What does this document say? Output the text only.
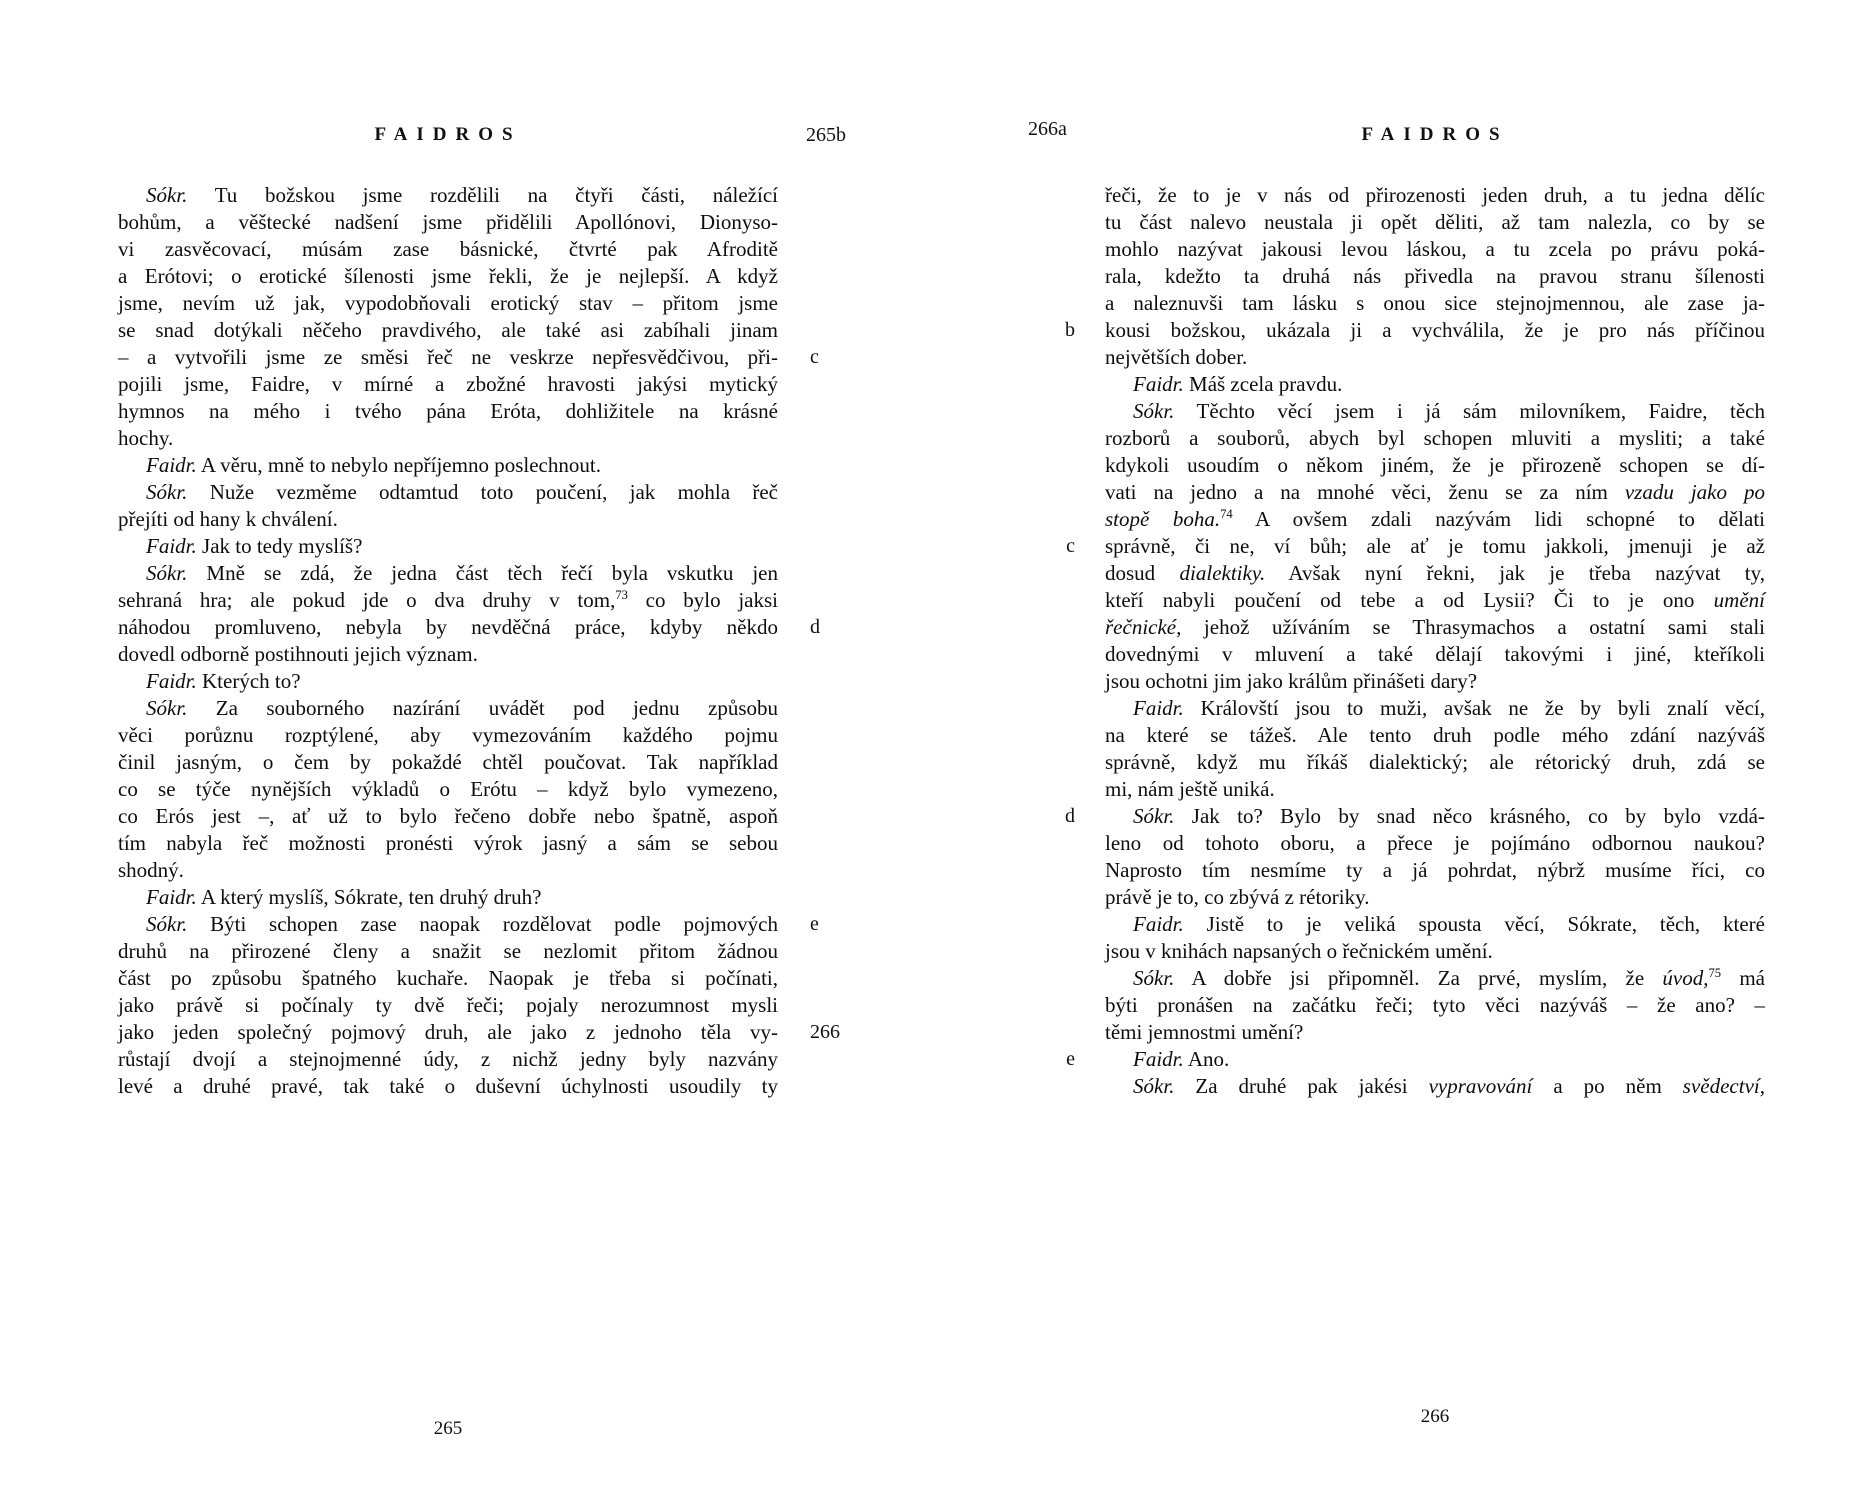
FAIDROS	265b
Sókr. Tu božskou jsme rozdělili na čtyři části, náležící
bohům, a věštecké nadšení jsme přidělili Apollónovi, Dionyso-
vi zasvěcovací, músám zase básnické, čtvrté pak Afroditě
a Erótovi; o erotické šílenosti jsme řekli, že je nejlepší. A když
jsme, nevím už jak, vypodobňovali erotický stav – přitom jsme
se snad dotýkali něčeho pravdivého, ale také asi zabíhali jinam
– a vytvořili jsme ze směsi řeč ne veskrze nepřesvědčivou, při- c
pojili jsme, Faidre, v mírné a zbožné hravosti jakýsi mytický
hymnos na mého i tvého pána Eróta, dohližitele na krásné
hochy.
Faidr. A věru, mně to nebylo nepříjemno poslechnout.
Sókr. Nuže vezměme odtamtud toto poučení, jak mohla řeč
přejíti od hany k chválení.
Faidr. Jak to tedy myslíš?
Sókr. Mně se zdá, že jedna část těch řečí byla vskutku jen
sehraná hra; ale pokud jde o dva druhy v tom,$^{73}$ co bylo jaksi
náhodou promluveno, nebyla by nevděčná práce, kdyby někdo d
dovedl odborně postihnouti jejich význam.
Faidr. Kterých to?
Sókr. Za souborného nazírání uvádět pod jednu způsobu
věci porůznu rozptýlené, aby vymezováním každého pojmu
činil jasným, o čem by pokaždé chtěl poučovat. Tak například
co se týče nynějších výkladů o Erótu – když bylo vymezeno,
co Erós jest –, ať už to bylo řečeno dobře nebo špatně, aspoň
tím nabyla řeč možnosti pronésti výrok jasný a sám se sebou
shodný.
Faidr. A který myslíš, Sókrate, ten druhý druh?
Sókr. Býti schopen zase naopak rozdělovat podle pojmových e
druhů na přirozené členy a snažit se nezlomit přitom žádnou
část po způsobu špatného kuchaře. Naopak je třeba si počínati,
jako právě si počínaly ty dvě řeči; pojaly nerozumnost mysli
jako jeden společný pojmový druh, ale jako z jednoho těla vy- 266
růstají dvojí a stejnojmenné údy, z nichž jedny byly nazvány
levé a druhé pravé, tak také o duševní úchylnosti usoudily ty
265
266a	FAIDROS
řeči, že to je v nás od přirozenosti jeden druh, a tu jedna dělíc
tu část nalevo neustala ji opět děliti, až tam nalezla, co by se
mohlo nazývat jakousi levou láskou, a tu zcela po právu poká-
rala, kdežto ta druhá nás přivedla na pravou stranu šílenosti
a naleznuvši tam lásku s onou sice stejnojmennou, ale zase ja-
kousi božskou, ukázala ji a vychválila, že je pro nás příčinou
b
největších dober.
Faidr. Máš zcela pravdu.
Sókr. Těchto věcí jsem i já sám milovníkem, Faidre, těch
rozborů a souborů, abych byl schopen mluviti a mysliti; a také
kdykoli usoudím o někom jiném, že je přirozeně schopen se dí-
vati na jedno a na mnohé věci, ženu se za ním vzadu jako po
stopě boha.$^{74}$ A ovšem zdali nazývám lidi schopné to dělati
správně, či ne, ví bůh; ale ať je tomu jakkoli, jmenuji je až
c
dosud dialektiky. Avšak nyní řekni, jak je třeba nazývat ty,
kteří nabyli poučení od tebe a od Lysii? Či to je ono umění
řečnické, jehož užíváním se Thrasymachos a ostatní sami stali
dovednými v mluvení a také dělají takovými i jiné, kteříkoli
jsou ochotni jim jako králům přinášeti dary?
Faidr. Královští jsou to muži, avšak ne že by byli znalí věcí,
na které se tážeš. Ale tento druh podle mého zdání nazýváš
správně, když mu říkáš dialektický; ale rétorický druh, zdá se
mi, nám ještě uniká.
Sókr. Jak to? Bylo by snad něco krásného, co by bylo vzdá-
d
leno od tohoto oboru, a přece je pojímáno odbornou naukou?
Naprosto tím nesmíme ty a já pohrdat, nýbrž musíme říci, co
právě je to, co zbývá z rétoriky.
Faidr. Jistě to je veliká spousta věcí, Sókrate, těch, které
jsou v knihách napsaných o řečnickém umění.
Sókr. A dobře jsi připomněl. Za prvé, myslím, že úvod,$^{75}$ má
býti pronášen na začátku řeči; tyto věci nazýváš – že ano? –
těmi jemnostmi umění?
Faidr. Ano.
e
Sókr. Za druhé pak jakési vypravování a po něm svědectví,
266
